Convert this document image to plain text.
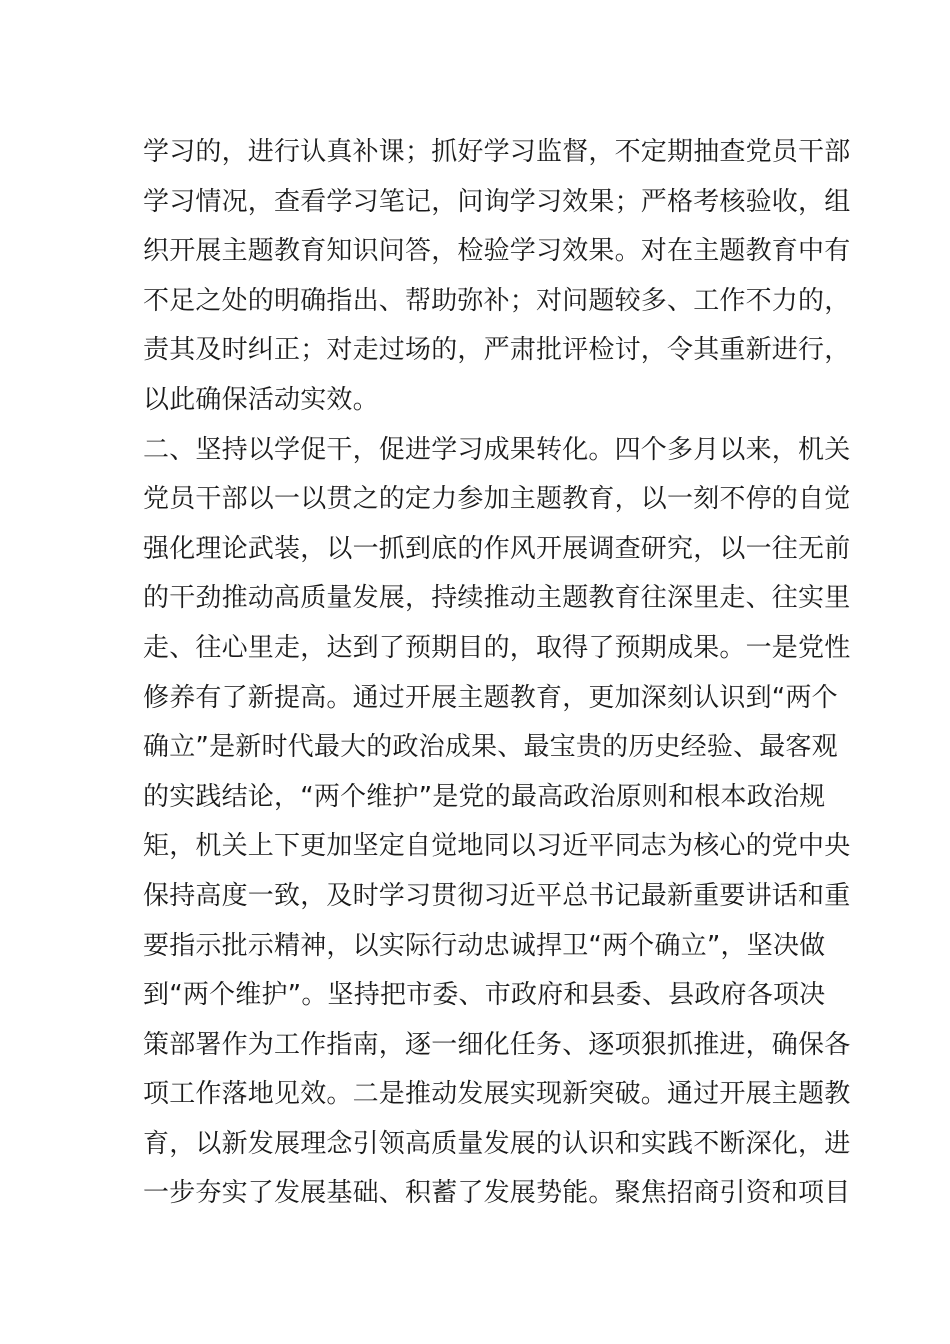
学习的，进行认真补课；抓好学习监督，不定期抽查党员干部
学习情况，查看学习笔记，问询学习效果；严格考核验收，组
织开展主题教育知识问答，检验学习效果。对在主题教育中有
不足之处的明确指出、帮助弥补；对问题较多、工作不力的，
责其及时纠正；对走过场的，严肃批评检讨，令其重新进行，
以此确保活动实效。
二、坚持以学促干，促进学习成果转化。四个多月以来，机关
党员干部以一以贯之的定力参加主题教育，以一刻不停的自觉
强化理论武装，以一抓到底的作风开展调查研究，以一往无前
的干劲推动高质量发展，持续推动主题教育往深里走、往实里
走、往心里走，达到了预期目的，取得了预期成果。一是党性
修养有了新提高。通过开展主题教育，更加深刻认识到“两个
确立”是新时代最大的政治成果、最宝贵的历史经验、最客观
的实践结论，“两个维护”是党的最高政治原则和根本政治规
矩，机关上下更加坚定自觉地同以习近平同志为核心的党中央
保持高度一致，及时学习贯彻习近平总书记最新重要讲话和重
要指示批示精神，以实际行动忠诚捍卫“两个确立”，坚决做
到“两个维护”。坚持把市委、市政府和县委、县政府各项决
策部署作为工作指南，逐一细化任务、逐项狠抓推进，确保各
项工作落地见效。二是推动发展实现新突破。通过开展主题教
育，以新发展理念引领高质量发展的认识和实践不断深化，进
一步夯实了发展基础、积蓄了发展势能。聚焦招商引资和项目
